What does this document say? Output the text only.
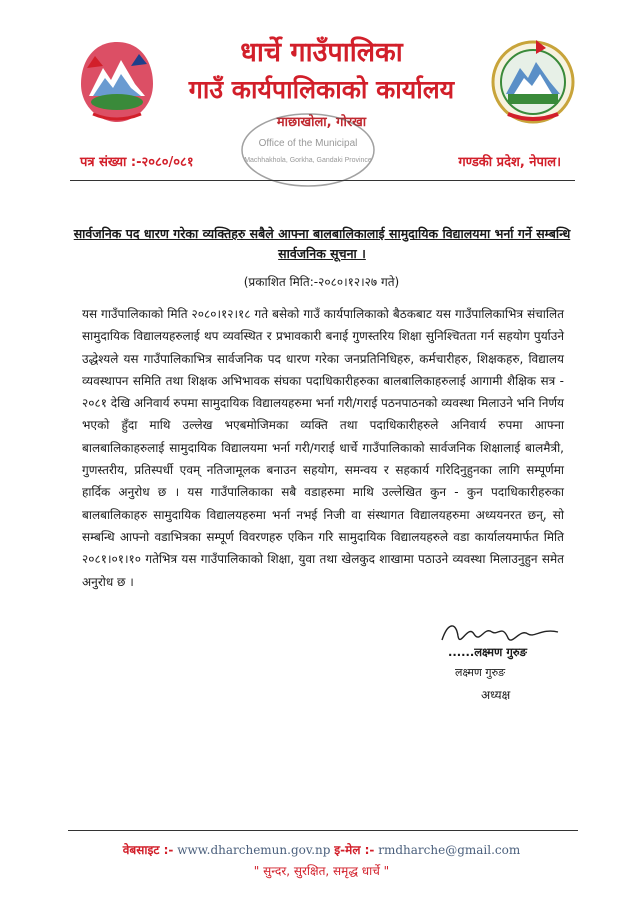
धार्चे गाउँपालिका
गाउँ कार्यपालिकाको कार्यालय
माछाखोला, गोरखा
Office of the Municipal
Machhakhola, Gorkha, Gandaki Province
पत्र संख्या :-२०८०/०८१	गण्डकी प्रदेश, नेपाल।
सार्वजनिक पद धारण गरेका व्यक्तिहरु सबैले आफ्ना बालबालिकालाई सामुदायिक विद्यालयमा भर्ना गर्ने सम्बन्धि सार्वजनिक सूचना ।
(प्रकाशित मिति:-२०८०।१२।२७ गते)
यस गाउँपालिकाको मिति २०८०।१२।१८ गते बसेको गाउँ कार्यपालिकाको बैठकबाट यस गाउँपालिकाभित्र संचालित सामुदायिक विद्यालयहरुलाई थप व्यवस्थित र प्रभावकारी बनाई गुणस्तरिय शिक्षा सुनिश्चितता गर्न सहयोग पुर्याउने उद्धेश्यले यस गाउँपालिकाभित्र सार्वजनिक पद धारण गरेका जनप्रतिनिधिहरु, कर्मचारीहरु, शिक्षकहरु, विद्यालय व्यवस्थापन समिति तथा शिक्षक अभिभावक संघका पदाधिकारीहरुका बालबालिकाहरुलाई आगामी शैक्षिक सत्र - २०८१ देखि अनिवार्य रुपमा सामुदायिक विद्यालयहरुमा भर्ना गरी/गराई पठनपाठनको व्यवस्था मिलाउने भनि निर्णय भएको हुँदा माथि उल्लेख भएबमोजिमका व्यक्ति तथा पदाधिकारीहरुले अनिवार्य रुपमा आफ्ना बालबालिकाहरुलाई सामुदायिक विद्यालयमा भर्ना गरी/गराई धार्चे गाउँपालिकाको सार्वजनिक शिक्षालाई बालमैत्री, गुणस्तरीय, प्रतिस्पर्धी एवम् नतिजामूलक बनाउन सहयोग, समन्वय र सहकार्य गरिदिनुहुनका लागि सम्पूर्णमा हार्दिक अनुरोध छ । यस गाउँपालिकाका सबै वडाहरुमा माथि उल्लेखित कुन - कुन पदाधिकारीहरुका बालबालिकाहरु सामुदायिक विद्यालयहरुमा भर्ना नभई निजी वा संस्थागत विद्यालयहरुमा अध्ययनरत छन्, सो सम्बन्धि आफ्नो वडाभित्रका सम्पूर्ण विवरणहरु एकिन गरि सामुदायिक विद्यालयहरुले वडा कार्यालयमार्फत मिति २०८१।०१।१० गतेभित्र यस गाउँपालिकाको शिक्षा, युवा तथा खेलकुद शाखामा पठाउने व्यवस्था मिलाउनुहुन समेत अनुरोध छ ।
......लक्ष्मण गुरुङ
लक्ष्मण गुरुङ
अध्यक्ष
वेबसाइट :- www.dharchemun.gov.np इ-मेल :- rmdharche@gmail.com
" सुन्दर, सुरक्षित, समृद्ध धार्चे "
